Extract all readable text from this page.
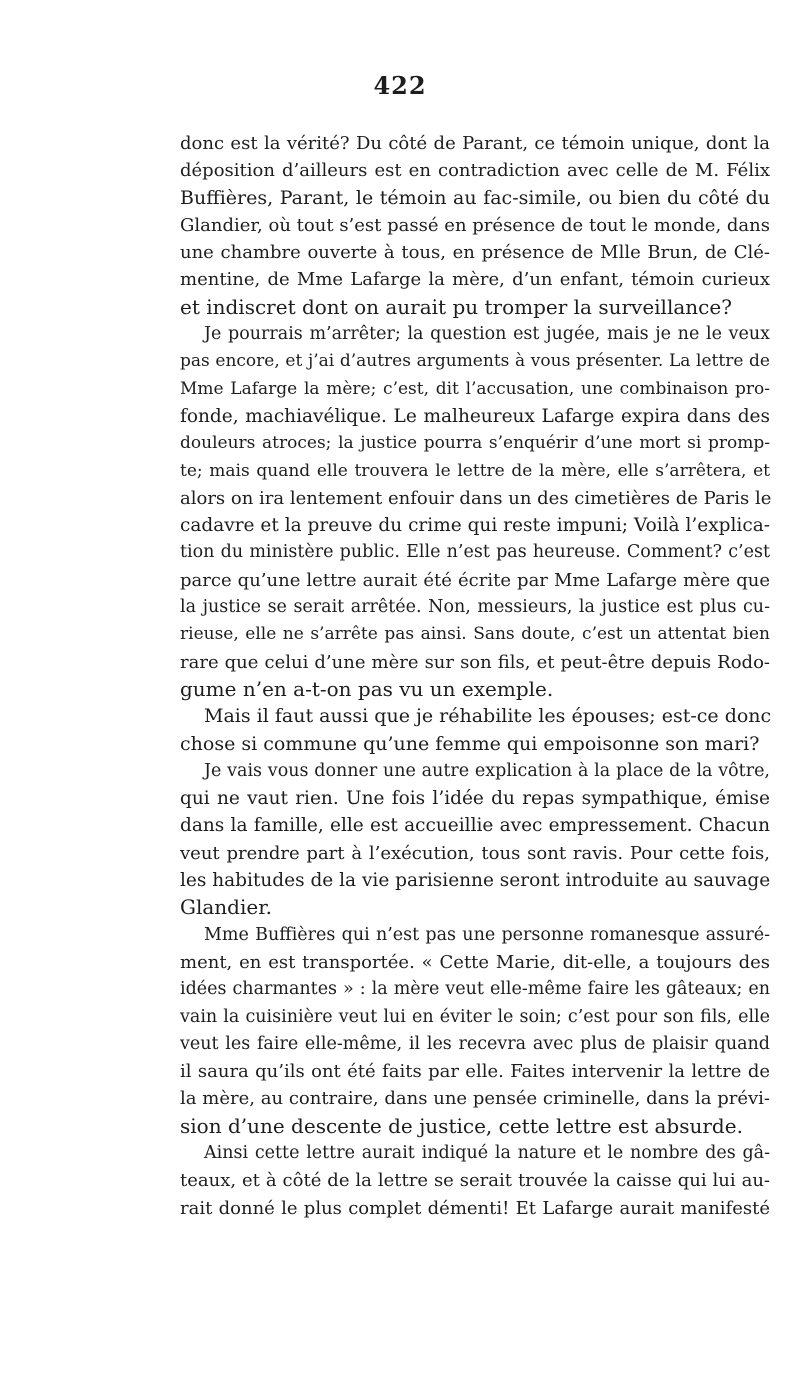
422
donc est la vérité? Du côté de Parant, ce témoin unique, dont la
déposition d’ailleurs est en contradiction avec celle de M. Félix
Buffières, Parant, le témoin au fac-simile, ou bien du côté du
Glandier, où tout s’est passé en présence de tout le monde, dans
une chambre ouverte à tous, en présence de Mlle Brun, de Clé-
mentine, de Mme Lafarge la mère, d’un enfant, témoin curieux
et indiscret dont on aurait pu tromper la surveillance?
Je pourrais m’arrêter; la question est jugée, mais je ne le veux
pas encore, et j’ai d’autres arguments à vous présenter. La lettre de
Mme Lafarge la mère; c’est, dit l’accusation, une combinaison pro-
fonde, machiavélique. Le malheureux Lafarge expira dans des
douleurs atroces; la justice pourra s’enquérir d’une mort si promp-
te; mais quand elle trouvera le lettre de la mère, elle s’arrêtera, et
alors on ira lentement enfouir dans un des cimetières de Paris le
cadavre et la preuve du crime qui reste impuni; Voilà l’explica-
tion du ministère public. Elle n’est pas heureuse. Comment? c’est
parce qu’une lettre aurait été écrite par Mme Lafarge mère que
la justice se serait arrêtée. Non, messieurs, la justice est plus cu-
rieuse, elle ne s’arrête pas ainsi. Sans doute, c’est un attentat bien
rare que celui d’une mère sur son fils, et peut-être depuis Rodo-
gume n’en a-t-on pas vu un exemple.
Mais il faut aussi que je réhabilite les épouses; est-ce donc
chose si commune qu’une femme qui empoisonne son mari?
Je vais vous donner une autre explication à la place de la vôtre,
qui ne vaut rien. Une fois l’idée du repas sympathique, émise
dans la famille, elle est accueillie avec empressement. Chacun
veut prendre part à l’exécution, tous sont ravis. Pour cette fois,
les habitudes de la vie parisienne seront introduite au sauvage
Glandier.
Mme Buffières qui n’est pas une personne romanesque assuré-
ment, en est transportée. « Cette Marie, dit-elle, a toujours des
idées charmantes » : la mère veut elle-même faire les gâteaux; en
vain la cuisinière veut lui en éviter le soin; c’est pour son fils, elle
veut les faire elle-même, il les recevra avec plus de plaisir quand
il saura qu’ils ont été faits par elle. Faites intervenir la lettre de
la mère, au contraire, dans une pensée criminelle, dans la prévi-
sion d’une descente de justice, cette lettre est absurde.
Ainsi cette lettre aurait indiqué la nature et le nombre des gâ-
teaux, et à côté de la lettre se serait trouvée la caisse qui lui au-
rait donné le plus complet démenti! Et Lafarge aurait manifesté
